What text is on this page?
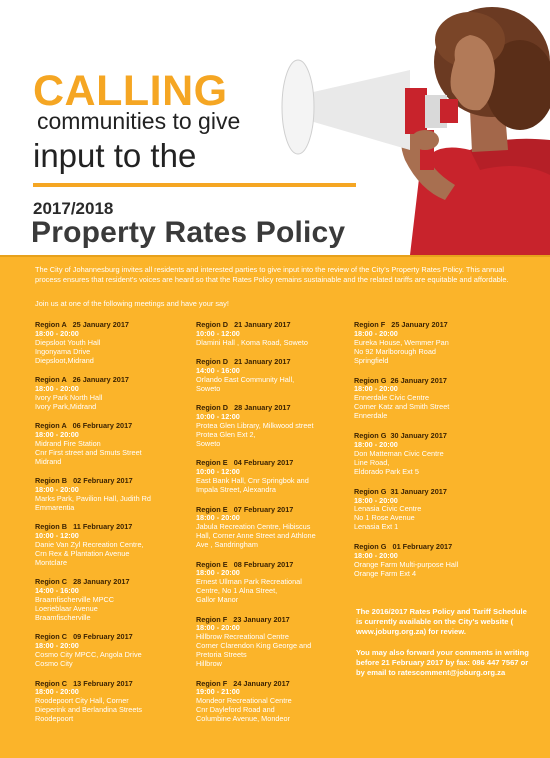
CALLING
communities to give
input to the
2017/2018
Property Rates Policy

The City of Johannesburg invites all residents and interested parties to give input into the review of the City's Property Rates Policy. This annual process ensures that resident's voices are heard so that the Rates Policy remains sustainable and the related tariffs are equitable and affordable.

Join us at one of the following meetings and have your say!

Region A   25 January 2017
18:00 - 20:00
Diepsloot Youth Hall
Ingonyama Drive
Diepsloot,Midrand
Region A   26 January 2017
18:00 - 20:00
Ivory Park North Hall
Ivory Park,Midrand
Region A   06 February 2017
18:00 - 20:00
Midrand Fire Station
Cnr First street and Smuts Street
Midrand
Region B   02 February 2017
18:00 - 20:00
Marks Park, Pavilion Hall, Judith Rd
Emmarentia
Region B   11 February 2017
10:00 - 12:00
Danie Van Zyl Recreation Centre,
Crn Rex & Plantation Avenue
Montclare
Region C   28 January 2017
14:00 - 16:00
Braamfischerville MPCC
Loerieblaar Avenue
Braamfischerville
Region C   09 February 2017
18:00 - 20:00
Cosmo City MPCC, Angola Drive
Cosmo City
Region C   13 February 2017
18:00 - 20:00
Roodepoort City Hall, Corner
Dieperink and Berlandina Streets
Roodepoort
Region D   21 January 2017
10:00 - 12:00
Dlamini Hall , Koma Road, Soweto
Region D   21 January 2017
14:00 - 16:00
Orlando East Community Hall,
Soweto
Region D   28 January 2017
10:00 - 12:00
Protea Glen Library, Milkwood street
Protea Glen Ext 2,
Soweto
Region E   04 February 2017
10:00 - 12:00
East Bank Hall, Cnr Springbok and
Impala Street, Alexandra
Region E   07 February 2017
18:00 - 20:00
Jabula Recreation Centre, Hibiscus
Hall, Corner Anne Street and Athlone
Ave , Sandringham
Region E   08 February 2017
18:00 - 20:00
Ernest Ullman Park Recreational
Centre, No 1 Alna Street,
Gallor Manor
Region F   23 January 2017
18:00 - 20:00
Hillbrow Recreational Centre
Corner Clarendon King George and
Pretoria Streets
Hillbrow
Region F   24 January 2017
19:00 - 21:00
Mondeor Recreational Centre
Cnr Dayleford Road and
Columbine Avenue, Mondeor
Region F   25 January 2017
18:00 - 20:00
Eureka House, Wemmer Pan
No 92 Marlborough Road
Springfield
Region G  26 January 2017
18:00 - 20:00
Ennerdale Civic Centre
Corner Katz and Smith Street
Ennerdale
Region G  30 January 2017
18:00 - 20:00
Don Matteman Civic Centre
Line Road,
Eldorado Park Ext 5
Region G  31 January 2017
18:00 - 20:00
Lenasia Civic Centre
No 1 Rose Avenue
Lenasia Ext 1
Region G   01 February 2017
18:00 - 20:00
Orange Farm Multi-purpose Hall
Orange Farm Ext 4

The 2016/2017 Rates Policy and Tariff Schedule is currently available on the City's website ( www.joburg.org.za) for review.

You may also forward your comments in writing before 21 February 2017 by fax: 086 447 7567 or by email to ratescomment@joburg.org.za
